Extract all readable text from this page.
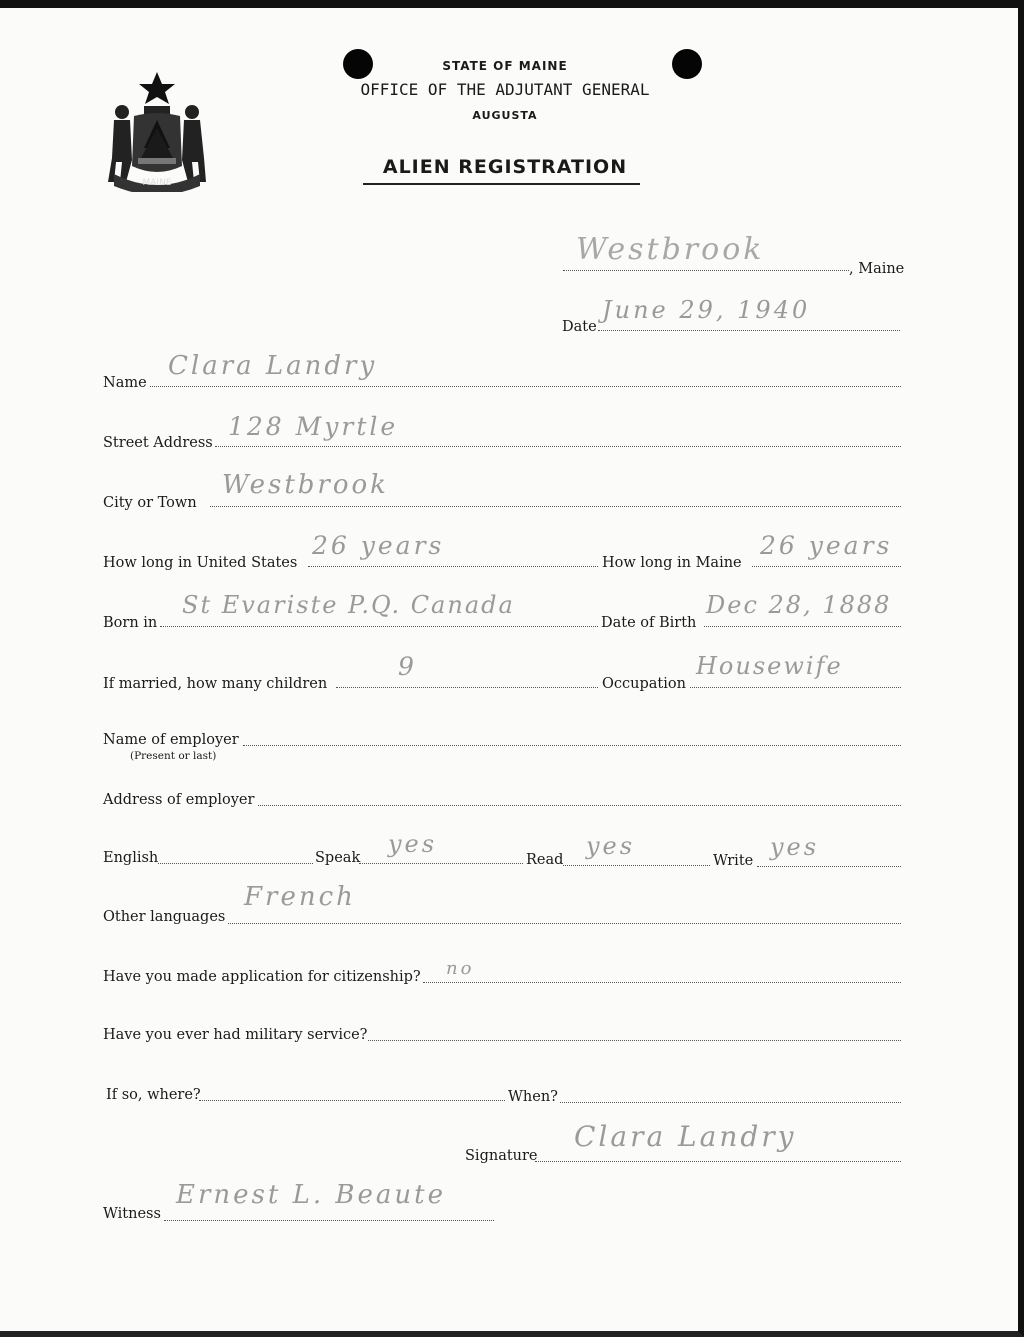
MAINE
STATE OF MAINE
OFFICE OF THE ADJUTANT GENERAL
AUGUSTA
ALIEN REGISTRATION
Westbrook
, Maine
Date
June 29, 1940
Name
Clara Landry
Street Address
128 Myrtle
City or Town
Westbrook
How long in United States
26 years
How long in Maine
26 years
Born in
St Evariste P.Q. Canada
Date of Birth
Dec 28, 1888
If married, how many children
9
Occupation
Housewife
Name of employer
(Present or last)
Address of employer
English	Speak yes
Read yes
Write yes
Other languages
French
Have you made application for citizenship? no
Have you ever had military service?
If so, where?	When?
Signature
Clara Landry
Witness
Ernest L. Beaute
